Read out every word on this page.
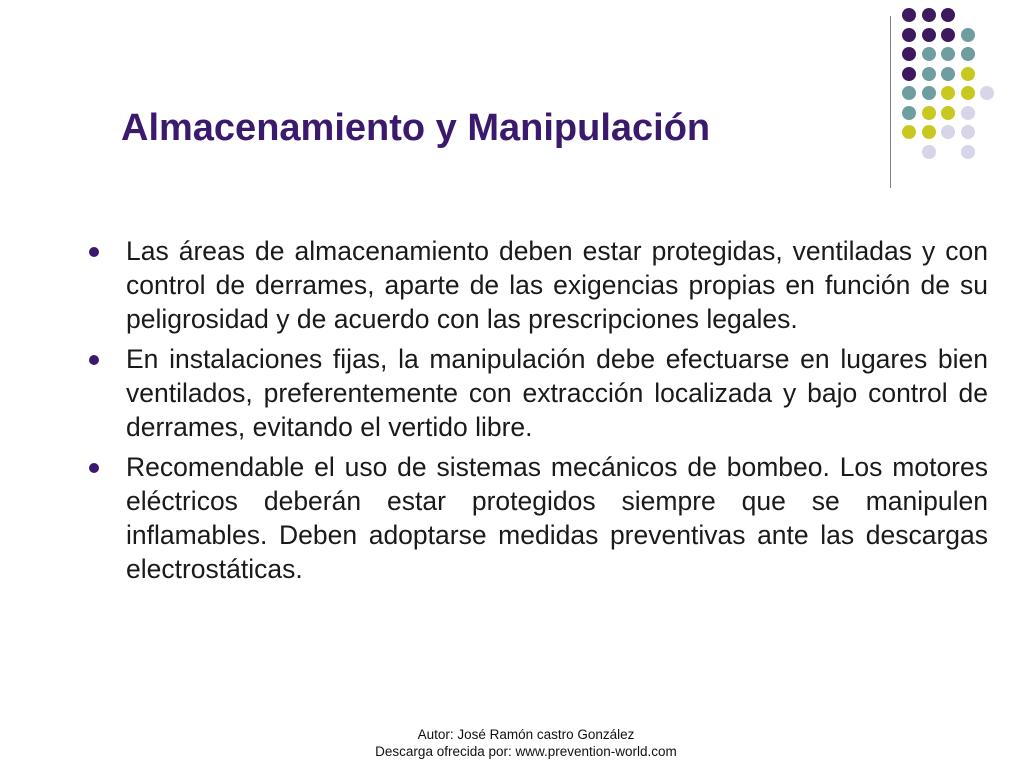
Almacenamiento y Manipulación
Las áreas de almacenamiento deben estar protegidas, ventiladas y con control de derrames, aparte de las exigencias propias en función de su peligrosidad y de acuerdo con las prescripciones legales.
En instalaciones fijas, la manipulación debe efectuarse en lugares bien ventilados, preferentemente con extracción localizada y bajo control de derrames, evitando el vertido libre.
Recomendable el uso de sistemas mecánicos de bombeo. Los motores eléctricos deberán estar protegidos siempre que se manipulen inflamables. Deben adoptarse medidas preventivas ante las descargas electrostáticas.
Autor: José Ramón castro González
Descarga ofrecida por: www.prevention-world.com
